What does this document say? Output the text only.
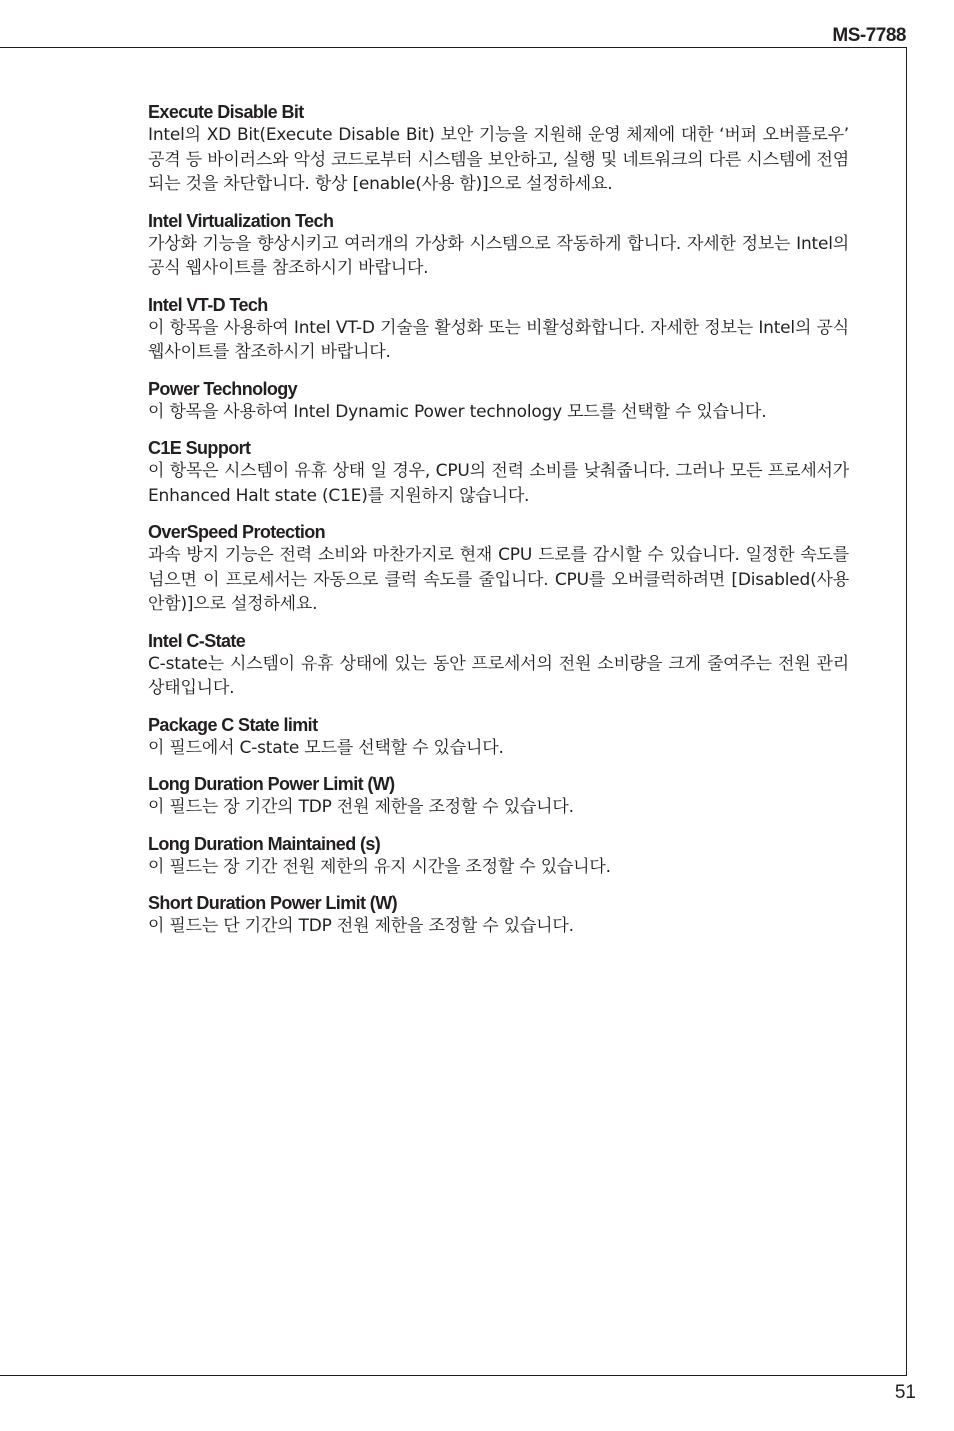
MS-7788

Execute Disable Bit

Intel의 XD Bit(Execute Disable Bit) 보안 기능을 지원해 운영 체제에 대한 ‘버퍼 오버플로우’ 공격 등 바이러스와 악성 코드로부터 시스템을 보안하고, 실행 및 네트워크의 다른 시스템에 전염되는 것을 차단합니다. 항상 [enable(사용 함)]으로 설정하세요.

Intel Virtualization Tech

가상화 기능을 향상시키고 여러개의 가상화 시스템으로 작동하게 합니다. 자세한 정보는 Intel의 공식 웹사이트를 참조하시기 바랍니다.

Intel VT-D Tech

이 항목을 사용하여 Intel VT-D 기술을 활성화 또는 비활성화합니다. 자세한 정보는 Intel의 공식 웹사이트를 참조하시기 바랍니다.

Power Technology

이 항목을 사용하여 Intel Dynamic Power technology 모드를 선택할 수 있습니다.

C1E Support

이 항목은 시스템이 유휴 상태 일 경우, CPU의 전력 소비를 낮춰줍니다. 그러나 모든 프로세서가 Enhanced Halt state (C1E)를 지원하지 않습니다.

OverSpeed Protection

과속 방지 기능은 전력 소비와 마찬가지로 현재 CPU 드로를 감시할 수 있습니다. 일정한 속도를 넘으면 이 프로세서는 자동으로 클럭 속도를 줄입니다. CPU를 오버클럭하려면 [Disabled(사용 안함)]으로 설정하세요.

Intel C-State

C-state는 시스템이 유휴 상태에 있는 동안 프로세서의 전원 소비량을 크게 줄여주는 전원 관리 상태입니다.

Package C State limit

이 필드에서 C-state 모드를 선택할 수 있습니다.

Long Duration Power Limit (W)

이 필드는 장 기간의 TDP 전원 제한을 조정할 수 있습니다.

Long Duration Maintained (s)

이 필드는 장 기간 전원 제한의 유지 시간을 조정할 수 있습니다.

Short Duration Power Limit (W)

이 필드는 단 기간의 TDP 전원 제한을 조정할 수 있습니다.

51
